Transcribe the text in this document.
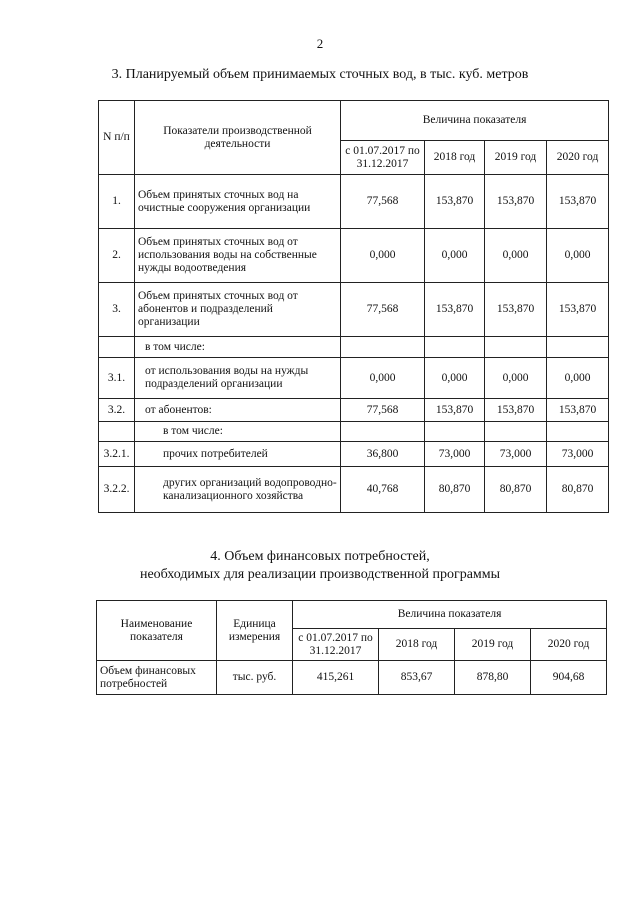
2
3. Планируемый объем принимаемых сточных вод, в тыс. куб. метров
N п/п	Показатели производственной деятельности	Величина показателя			
		с 01.07.2017 по 31.12.2017	2018 год	2019 год	2020 год
1.	Объем принятых сточных вод на очистные сооружения организации	77,568	153,870	153,870	153,870
2.	Объем принятых сточных вод от использования воды на собственные нужды водоотведения	0,000	0,000	0,000	0,000
3.	Объем принятых сточных вод от абонентов и подразделений организации	77,568	153,870	153,870	153,870
	в том числе:				
3.1.	от использования воды на нужды подразделений организации	0,000	0,000	0,000	0,000
3.2.	от абонентов:	77,568	153,870	153,870	153,870
	в том числе:				
3.2.1.	прочих потребителей	36,800	73,000	73,000	73,000
3.2.2.	других организаций водопроводно-канализационного хозяйства	40,768	80,870	80,870	80,870
4. Объем финансовых потребностей,
необходимых для реализации производственной программы
Наименование показателя	Единица измерения	Величина показателя			
		с 01.07.2017 по 31.12.2017	2018 год	2019 год	2020 год
Объем финансовых потребностей	тыс. руб.	415,261	853,67	878,80	904,68
